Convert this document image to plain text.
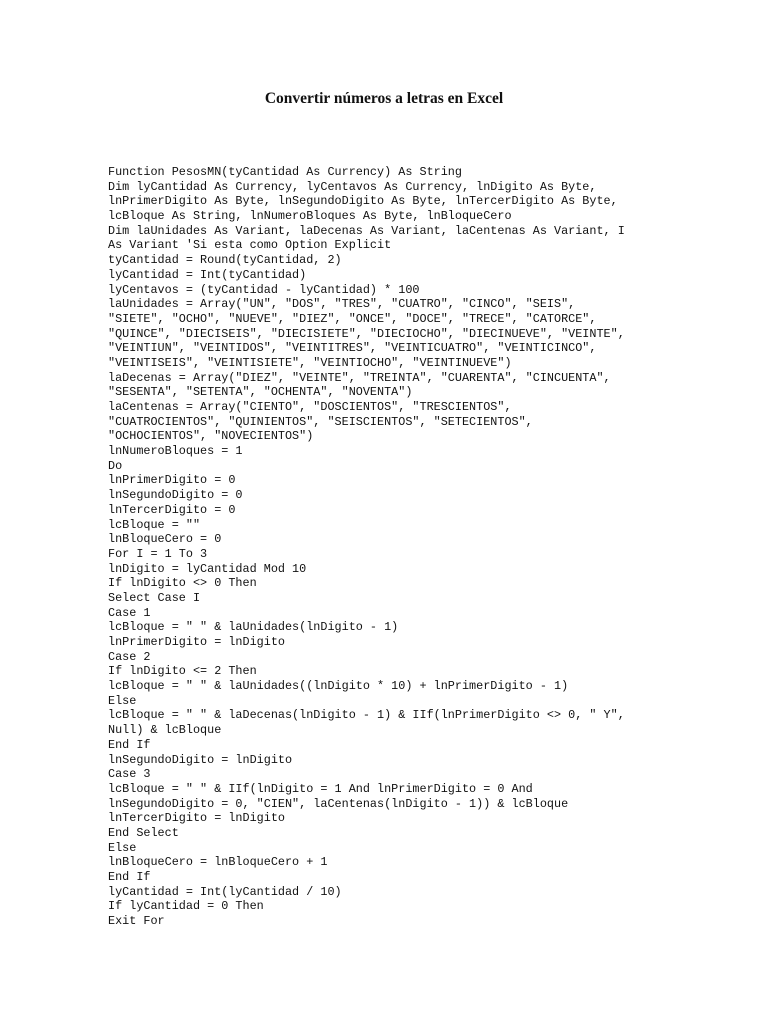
Convertir números a letras en Excel
Function PesosMN(tyCantidad As Currency) As String
Dim lyCantidad As Currency, lyCentavos As Currency, lnDigito As Byte,
lnPrimerDigito As Byte, lnSegundoDigito As Byte, lnTercerDigito As Byte,
lcBloque As String, lnNumeroBloques As Byte, lnBloqueCero
Dim laUnidades As Variant, laDecenas As Variant, laCentenas As Variant, I
As Variant 'Si esta como Option Explicit
tyCantidad = Round(tyCantidad, 2)
lyCantidad = Int(tyCantidad)
lyCentavos = (tyCantidad - lyCantidad) * 100
laUnidades = Array("UN", "DOS", "TRES", "CUATRO", "CINCO", "SEIS",
"SIETE", "OCHO", "NUEVE", "DIEZ", "ONCE", "DOCE", "TRECE", "CATORCE",
"QUINCE", "DIECISEIS", "DIECISIETE", "DIECIOCHO", "DIECINUEVE", "VEINTE",
"VEINTIUN", "VEINTIDOS", "VEINTITRES", "VEINTICUATRO", "VEINTICINCO",
"VEINTISEIS", "VEINTISIETE", "VEINTIOCHO", "VEINTINUEVE")
laDecenas = Array("DIEZ", "VEINTE", "TREINTA", "CUARENTA", "CINCUENTA",
"SESENTA", "SETENTA", "OCHENTA", "NOVENTA")
laCentenas = Array("CIENTO", "DOSCIENTOS", "TRESCIENTOS",
"CUATROCIENTOS", "QUINIENTOS", "SEISCIENTOS", "SETECIENTOS",
"OCHOCIENTOS", "NOVECIENTOS")
lnNumeroBloques = 1
Do
lnPrimerDigito = 0
lnSegundoDigito = 0
lnTercerDigito = 0
lcBloque = ""
lnBloqueCero = 0
For I = 1 To 3
lnDigito = lyCantidad Mod 10
If lnDigito <> 0 Then
Select Case I
Case 1
lcBloque = " " & laUnidades(lnDigito - 1)
lnPrimerDigito = lnDigito
Case 2
If lnDigito <= 2 Then
lcBloque = " " & laUnidades((lnDigito * 10) + lnPrimerDigito - 1)
Else
lcBloque = " " & laDecenas(lnDigito - 1) & IIf(lnPrimerDigito <> 0, " Y",
Null) & lcBloque
End If
lnSegundoDigito = lnDigito
Case 3
lcBloque = " " & IIf(lnDigito = 1 And lnPrimerDigito = 0 And
lnSegundoDigito = 0, "CIEN", laCentenas(lnDigito - 1)) & lcBloque
lnTercerDigito = lnDigito
End Select
Else
lnBloqueCero = lnBloqueCero + 1
End If
lyCantidad = Int(lyCantidad / 10)
If lyCantidad = 0 Then
Exit For
